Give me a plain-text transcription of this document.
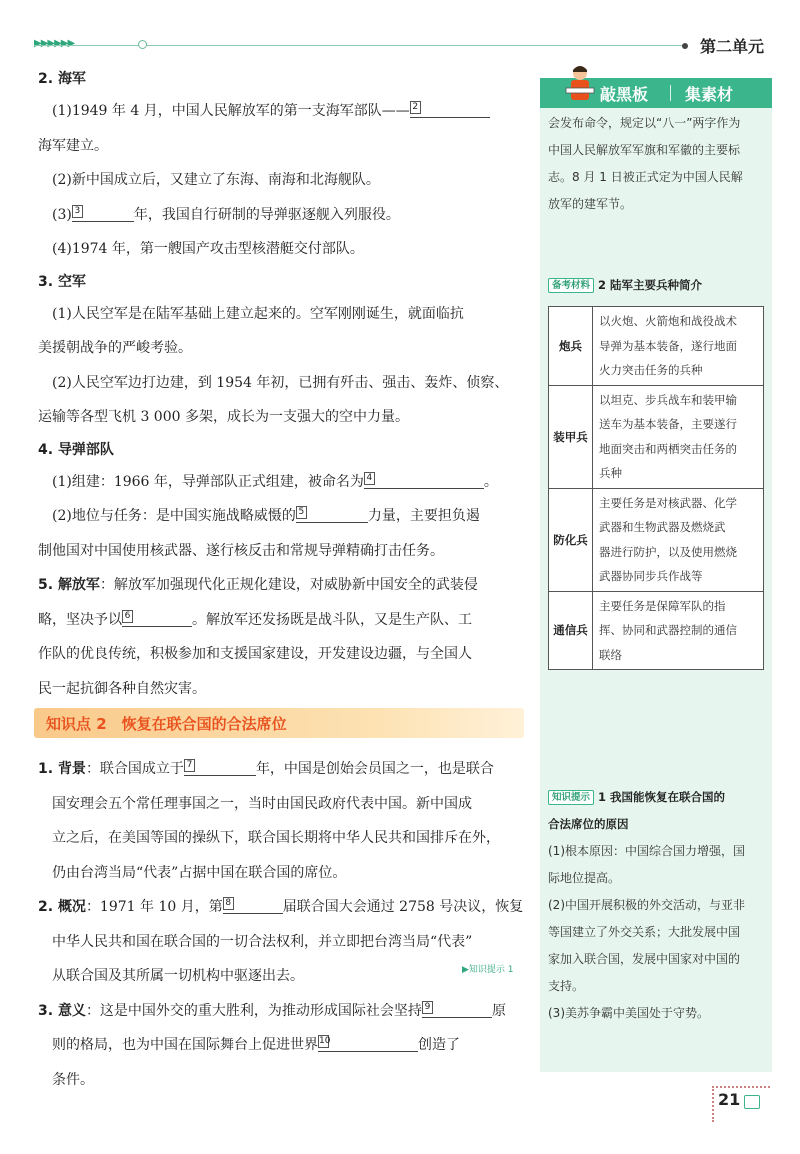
▶▶▶▶▶▶	第二单元
2. 海军
(1)1949 年 4 月，中国人民解放军的第一支海军部队—— 2
海军建立。
(2)新中国成立后，又建立了东海、南海和北海舰队。
(3) 3	年，我国自行研制的导弹驱逐舰入列服役。
(4)1974 年，第一艘国产攻击型核潜艇交付部队。
3. 空军
(1)人民空军是在陆军基础上建立起来的。空军刚刚诞生，就面临抗
美援朝战争的严峻考验。
(2)人民空军边打边建，到 1954 年初，已拥有歼击、强击、轰炸、侦察、
运输等各型飞机 3 000 多架，成长为一支强大的空中力量。
4. 导弹部队
(1)组建：1966 年，导弹部队正式组建，被命名为 4	。
(2)地位与任务：是中国实施战略威慑的 5	力量，主要担负遏
制他国对中国使用核武器、遂行核反击和常规导弹精确打击任务。
5. 解放军：解放军加强现代化正规化建设，对威胁新中国安全的武装侵
略，坚决予以 6	。解放军还发扬既是战斗队，又是生产队、工
作队的优良传统，积极参加和支援国家建设，开发建设边疆，与全国人
民一起抗御各种自然灾害。
知识点 2　恢复在联合国的合法席位
1. 背景：联合国成立于 7	年，中国是创始会员国之一，也是联合
国安理会五个常任理事国之一，当时由国民政府代表中国。新中国成
立之后，在美国等国的操纵下，联合国长期将中华人民共和国排斥在外，
仍由台湾当局“代表”占据中国在联合国的席位。
2. 概况：1971 年 10 月，第 8	届联合国大会通过 2758 号决议，恢复
中华人民共和国在联合国的一切合法权利，并立即把台湾当局“代表”
从联合国及其所属一切机构中驱逐出去。
3. 意义：这是中国外交的重大胜利，为推动形成国际社会坚持 9	原
则的格局，也为中国在国际舞台上促进世界 10	创造了
条件。
▶知识提示 1
敲黑板 集素材
会发布命令，规定以“八一”两字作为
中国人民解放军军旗和军徽的主要标
志。8 月 1 日被正式定为中国人民解
放军的建军节。
备考材料 2 陆军主要兵种简介
炮兵	以火炮、火箭炮和战役战术
导弹为基本装备，遂行地面
火力突击任务的兵种

装甲兵	以坦克、步兵战车和装甲输
送车为基本装备，主要遂行
地面突击和两栖突击任务的
兵种

防化兵	主要任务是对核武器、化学
武器和生物武器及燃烧武
器进行防护，以及使用燃烧
武器协同步兵作战等

通信兵	主要任务是保障军队的指
挥、协同和武器控制的通信
联络
知识提示 1 我国能恢复在联合国的
合法席位的原因
(1)根本原因：中国综合国力增强，国
际地位提高。
(2)中国开展积极的外交活动，与亚非
等国建立了外交关系；大批发展中国
家加入联合国，发展中国家对中国的
支持。
(3)美苏争霸中美国处于守势。
21
